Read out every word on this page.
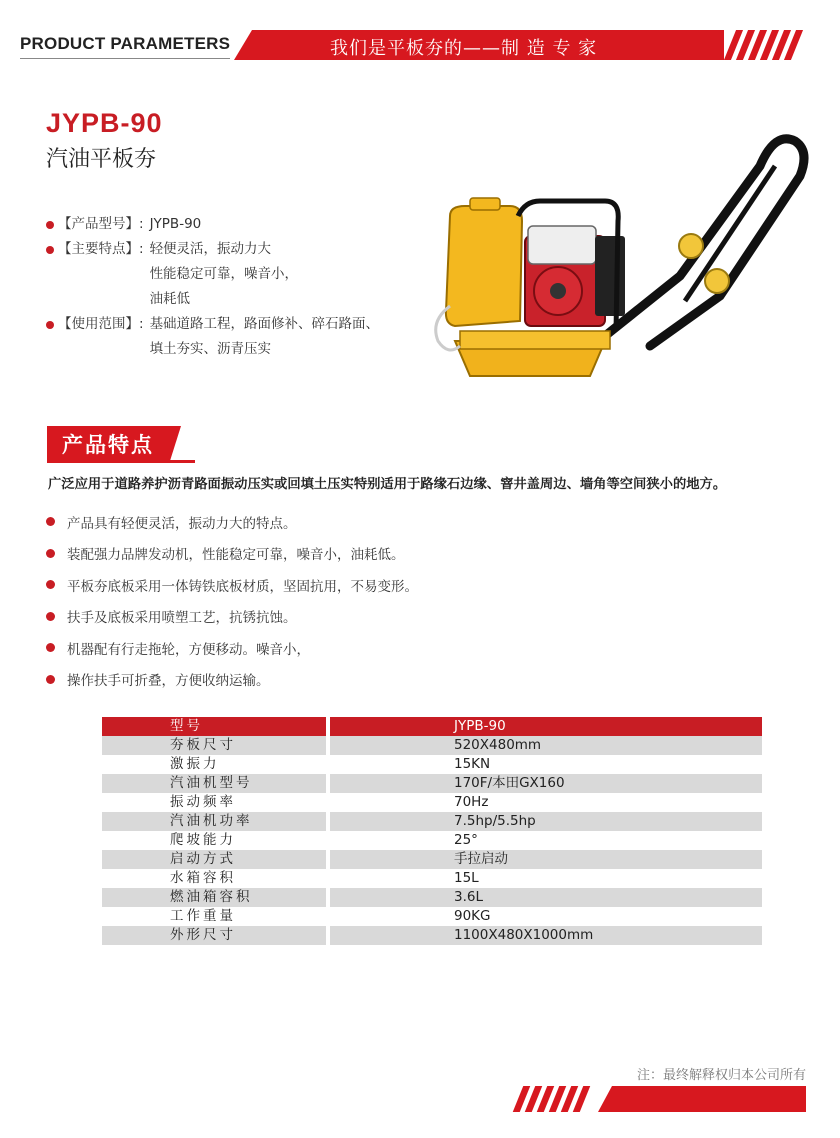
PRODUCT PARAMETERS	我们是平板夯的——制 造 专 家
JYPB-90
汽油平板夯
【产品型号】: JYPB-90
【主要特点】: 轻便灵活，振动力大
性能稳定可靠，噪音小，
油耗低
【使用范围】: 基础道路工程，路面修补、碎石路面、
填土夯实、沥青压实
产品特点
广泛应用于道路养护沥青路面振动压实或回填土压实特别适用于路缘石边缘、窨井盖周边、墙角等空间狭小的地方。
产品具有轻便灵活，振动力大的特点。
装配强力品牌发动机，性能稳定可靠，噪音小，油耗低。
平板夯底板采用一体铸铁底板材质，坚固抗用，不易变形。
扶手及底板采用喷塑工艺，抗锈抗蚀。
机器配有行走拖轮，方便移动。噪音小，
操作扶手可折叠，方便收纳运输。
型号	JYPB-90
夯板尺寸	520X480mm
激振力	15KN
汽油机型号	170F/本田GX160
振动频率	70Hz
汽油机功率	7.5hp/5.5hp
爬坡能力	25°
启动方式	手拉启动
水箱容积	15L
燃油箱容积	3.6L
工作重量	90KG
外形尺寸	1100X480X1000mm
注：最终解释权归本公司所有
